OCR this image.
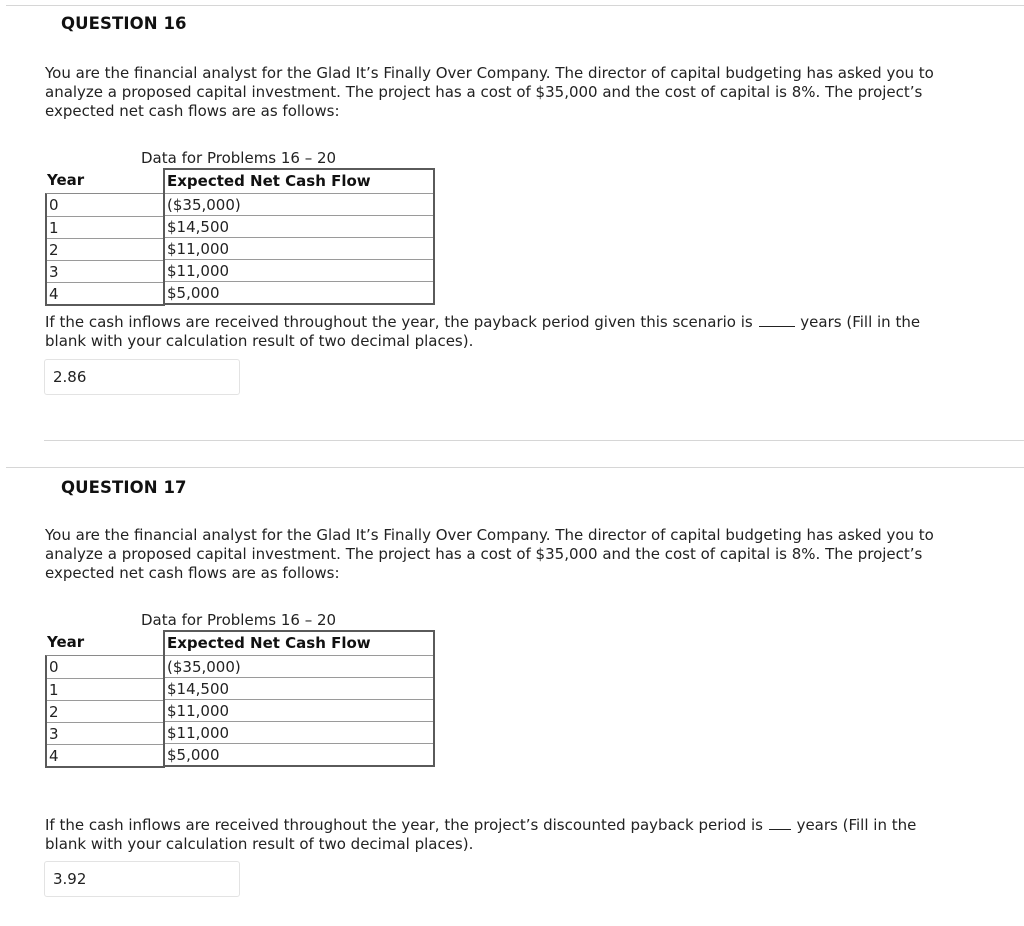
QUESTION 16
You are the financial analyst for the Glad It’s Finally Over Company. The director of capital budgeting has asked you to
analyze a proposed capital investment. The project has a cost of $35,000 and the cost of capital is 8%. The project’s
expected net cash flows are as follows:
Data for Problems 16 – 20
Year
0
1
2
3
4
Expected Net Cash Flow
($35,000)
$14,500
$11,000
$11,000
$5,000
If the cash inflows are received throughout the year, the payback period given this scenario is	years (Fill in the
blank with your calculation result of two decimal places).
2.86
QUESTION 17
You are the financial analyst for the Glad It’s Finally Over Company. The director of capital budgeting has asked you to
analyze a proposed capital investment. The project has a cost of $35,000 and the cost of capital is 8%. The project’s
expected net cash flows are as follows:
Data for Problems 16 – 20
Year
0
1
2
3
4
Expected Net Cash Flow
($35,000)
$14,500
$11,000
$11,000
$5,000
If the cash inflows are received throughout the year, the project’s discounted payback period is years (Fill in the
blank with your calculation result of two decimal places).
3.92
